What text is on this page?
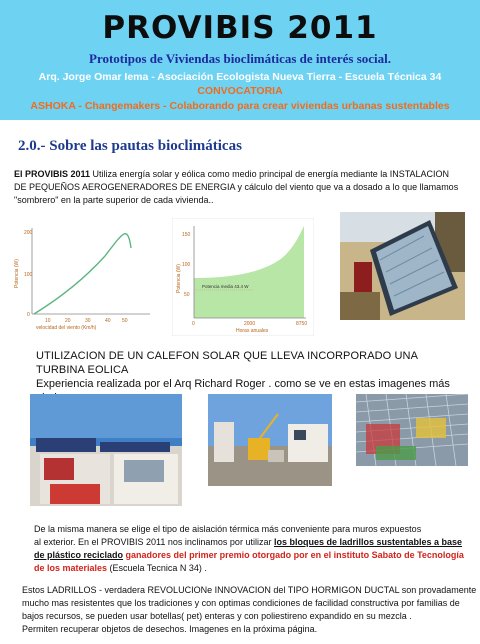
PROVIBIS 2011
Prototipos de Viviendas bioclimáticas de interés social.
Arq. Jorge Omar Iema - Asociación Ecologista Nueva Tierra - Escuela Técnica 34
CONVOCATORIA
ASHOKA - Changemakers - Colaborando para crear viviendas urbanas sustentables
2.0.- Sobre las pautas bioclimáticas
El PROVIBIS 2011 Utiliza energía solar y eólica como medio principal de energía mediante la INSTALACION
DE PEQUEÑOS AEROGENERADORES DE ENERGIA y cálculo del viento que va a dosado a lo que llamamos
"sombrero" en la parte superior de cada vivienda..
200
100
0
10	20	30	40 50
velocidad del viento (Km/h)
Potencia (W)
150
100
50
0	2000	8750
Horas anuales
Potencia (W)	Potencia media 43.4 W
UTILIZACION DE UN CALEFON SOLAR QUE LLEVA INCORPORADO UNA TURBINA EOLICA
Experiencia realizada por el Arq Richard Roger . como se ve en estas imagenes más
De la misma manera se elige el tipo de aislación térmica más conveniente para muros expuestos
al exterior. En el PROVIBIS 2011 nos inclinamos por utilizar los bloques de ladrillos sustentables a base
de plástico reciclado ganadores del primer premio otorgado por en el instituto Sabato de Tecnología
de los materiales (Escuela Tecnica N 34) .
Estos LADRILLOS - verdadera REVOLUCIONe INNOVACION del TIPO HORMIGON DUCTAL son provadamente
mucho mas resistentes que los tradiciones y con optimas condiciones de facilidad constructiva por familias de
bajos recursos, se pueden usar botellas( pet) enteras y con poliestireno expandido en su mezcla .
Permiten recuperar objetos de desechos. Imagenes en la próxima página.
